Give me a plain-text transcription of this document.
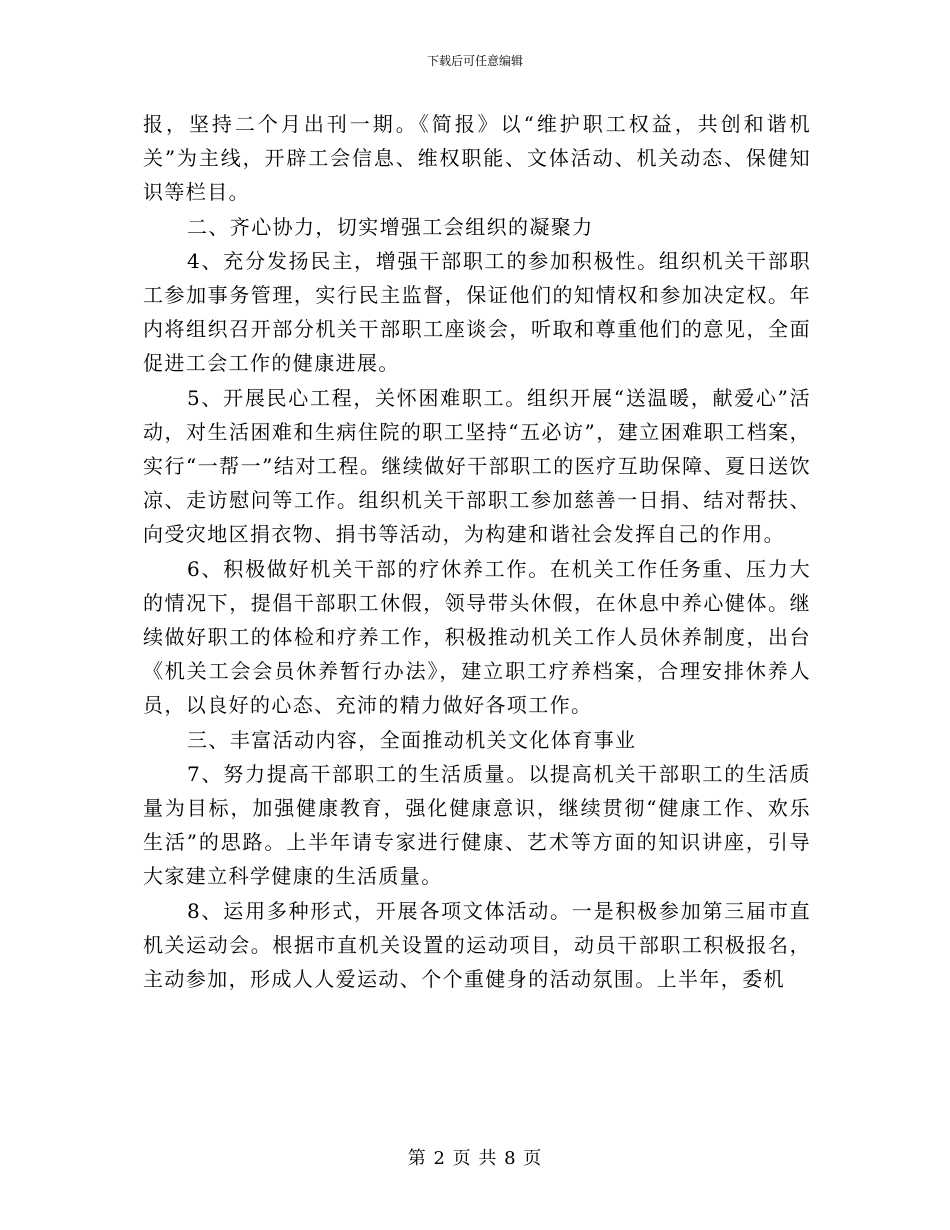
下载后可任意编辑

报，坚持二个月出刊一期。《简报》以“维护职工权益，共创和谐机关”为主线，开辟工会信息、维权职能、文体活动、机关动态、保健知识等栏目。

二、齐心协力，切实增强工会组织的凝聚力

4、充分发扬民主，增强干部职工的参加积极性。组织机关干部职工参加事务管理，实行民主监督，保证他们的知情权和参加决定权。年内将组织召开部分机关干部职工座谈会，听取和尊重他们的意见，全面促进工会工作的健康进展。

5、开展民心工程，关怀困难职工。组织开展“送温暖，献爱心”活动，对生活困难和生病住院的职工坚持“五必访”，建立困难职工档案，实行“一帮一”结对工程。继续做好干部职工的医疗互助保障、夏日送饮凉、走访慰问等工作。组织机关干部职工参加慈善一日捐、结对帮扶、向受灾地区捐衣物、捐书等活动，为构建和谐社会发挥自己的作用。

6、积极做好机关干部的疗休养工作。在机关工作任务重、压力大的情况下，提倡干部职工休假，领导带头休假，在休息中养心健体。继续做好职工的体检和疗养工作，积极推动机关工作人员休养制度，出台《机关工会会员休养暂行办法》，建立职工疗养档案，合理安排休养人员，以良好的心态、充沛的精力做好各项工作。

三、丰富活动内容，全面推动机关文化体育事业

7、努力提高干部职工的生活质量。以提高机关干部职工的生活质量为目标，加强健康教育，强化健康意识，继续贯彻“健康工作、欢乐生活”的思路。上半年请专家进行健康、艺术等方面的知识讲座，引导大家建立科学健康的生活质量。

8、运用多种形式，开展各项文体活动。一是积极参加第三届市直机关运动会。根据市直机关设置的运动项目，动员干部职工积极报名，主动参加，形成人人爱运动、个个重健身的活动氛围。上半年，委机

第 2 页 共 8 页
